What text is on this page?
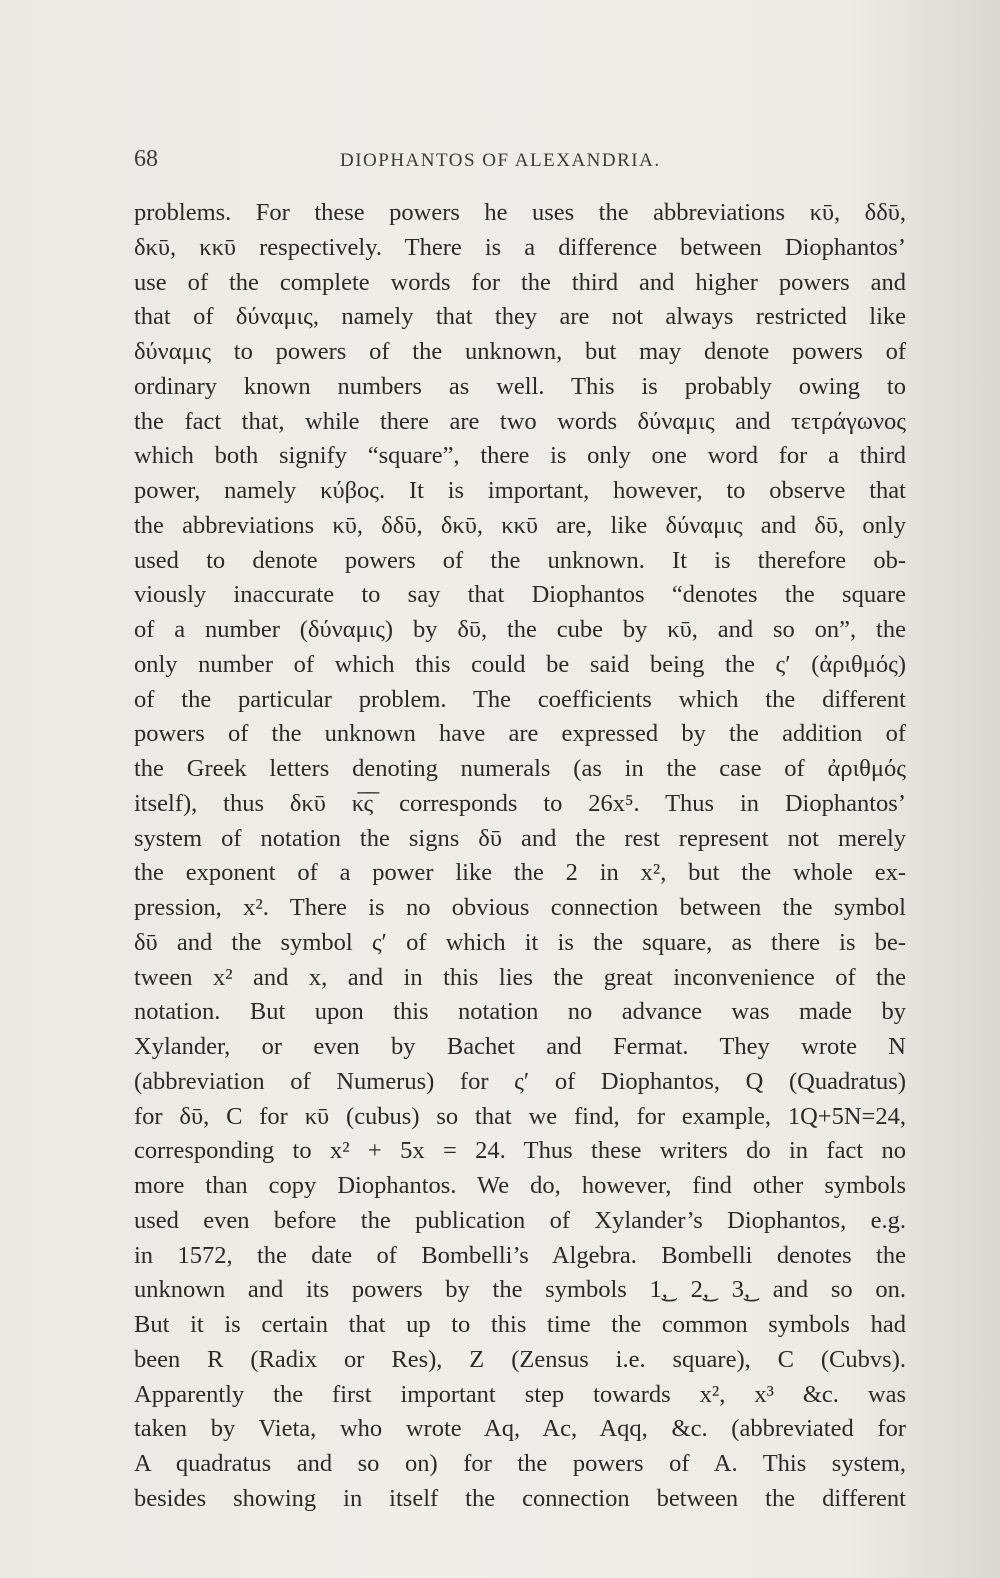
68	DIOPHANTOS OF ALEXANDRIA.
problems. For these powers he uses the abbreviations κῡ, δδῡ,
δκῡ, κκῡ respectively. There is a difference between Diophantos’
use of the complete words for the third and higher powers and
that of δύναμις, namely that they are not always restricted like
δύναμις to powers of the unknown, but may denote powers of
ordinary known numbers as well. This is probably owing to
the fact that, while there are two words δύναμις and τετράγωνος
which both signify “square”, there is only one word for a third
power, namely κύβος. It is important, however, to observe that
the abbreviations κῡ, δδῡ, δκῡ, κκῡ are, like δύναμις and δῡ, only
used to denote powers of the unknown. It is therefore ob-
viously inaccurate to say that Diophantos “denotes the square
of a number (δύναμις) by δῡ, the cube by κῡ, and so on”, the
only number of which this could be said being the ς′ (ἀριθμός)
of the particular problem. The coefficients which the different
powers of the unknown have are expressed by the addition of
the Greek letters denoting numerals (as in the case of ἀριθμός
itself), thus δκῡ κ̅ς̅ corresponds to 26x⁵. Thus in Diophantos’
system of notation the signs δῡ and the rest represent not merely
the exponent of a power like the 2 in x², but the whole ex-
pression, x². There is no obvious connection between the symbol
δῡ and the symbol ς′ of which it is the square, as there is be-
tween x² and x, and in this lies the great inconvenience of the
notation. But upon this notation no advance was made by
Xylander, or even by Bachet and Fermat. They wrote N
(abbreviation of Numerus) for ς′ of Diophantos, Q (Quadratus)
for δῡ, C for κῡ (cubus) so that we find, for example, 1Q+5N=24,
corresponding to x² + 5x = 24. Thus these writers do in fact no
more than copy Diophantos. We do, however, find other symbols
used even before the publication of Xylander’s Diophantos, e.g.
in 1572, the date of Bombelli’s Algebra. Bombelli denotes the
unknown and its powers by the symbols 1͜, 2͜, 3͜, and so on.
But it is certain that up to this time the common symbols had
been R (Radix or Res), Z (Zensus i.e. square), C (Cubvs).
Apparently the first important step towards x², x³ &c. was
taken by Vieta, who wrote Aq, Ac, Aqq, &c. (abbreviated for
A quadratus and so on) for the powers of A. This system,
besides showing in itself the connection between the different
